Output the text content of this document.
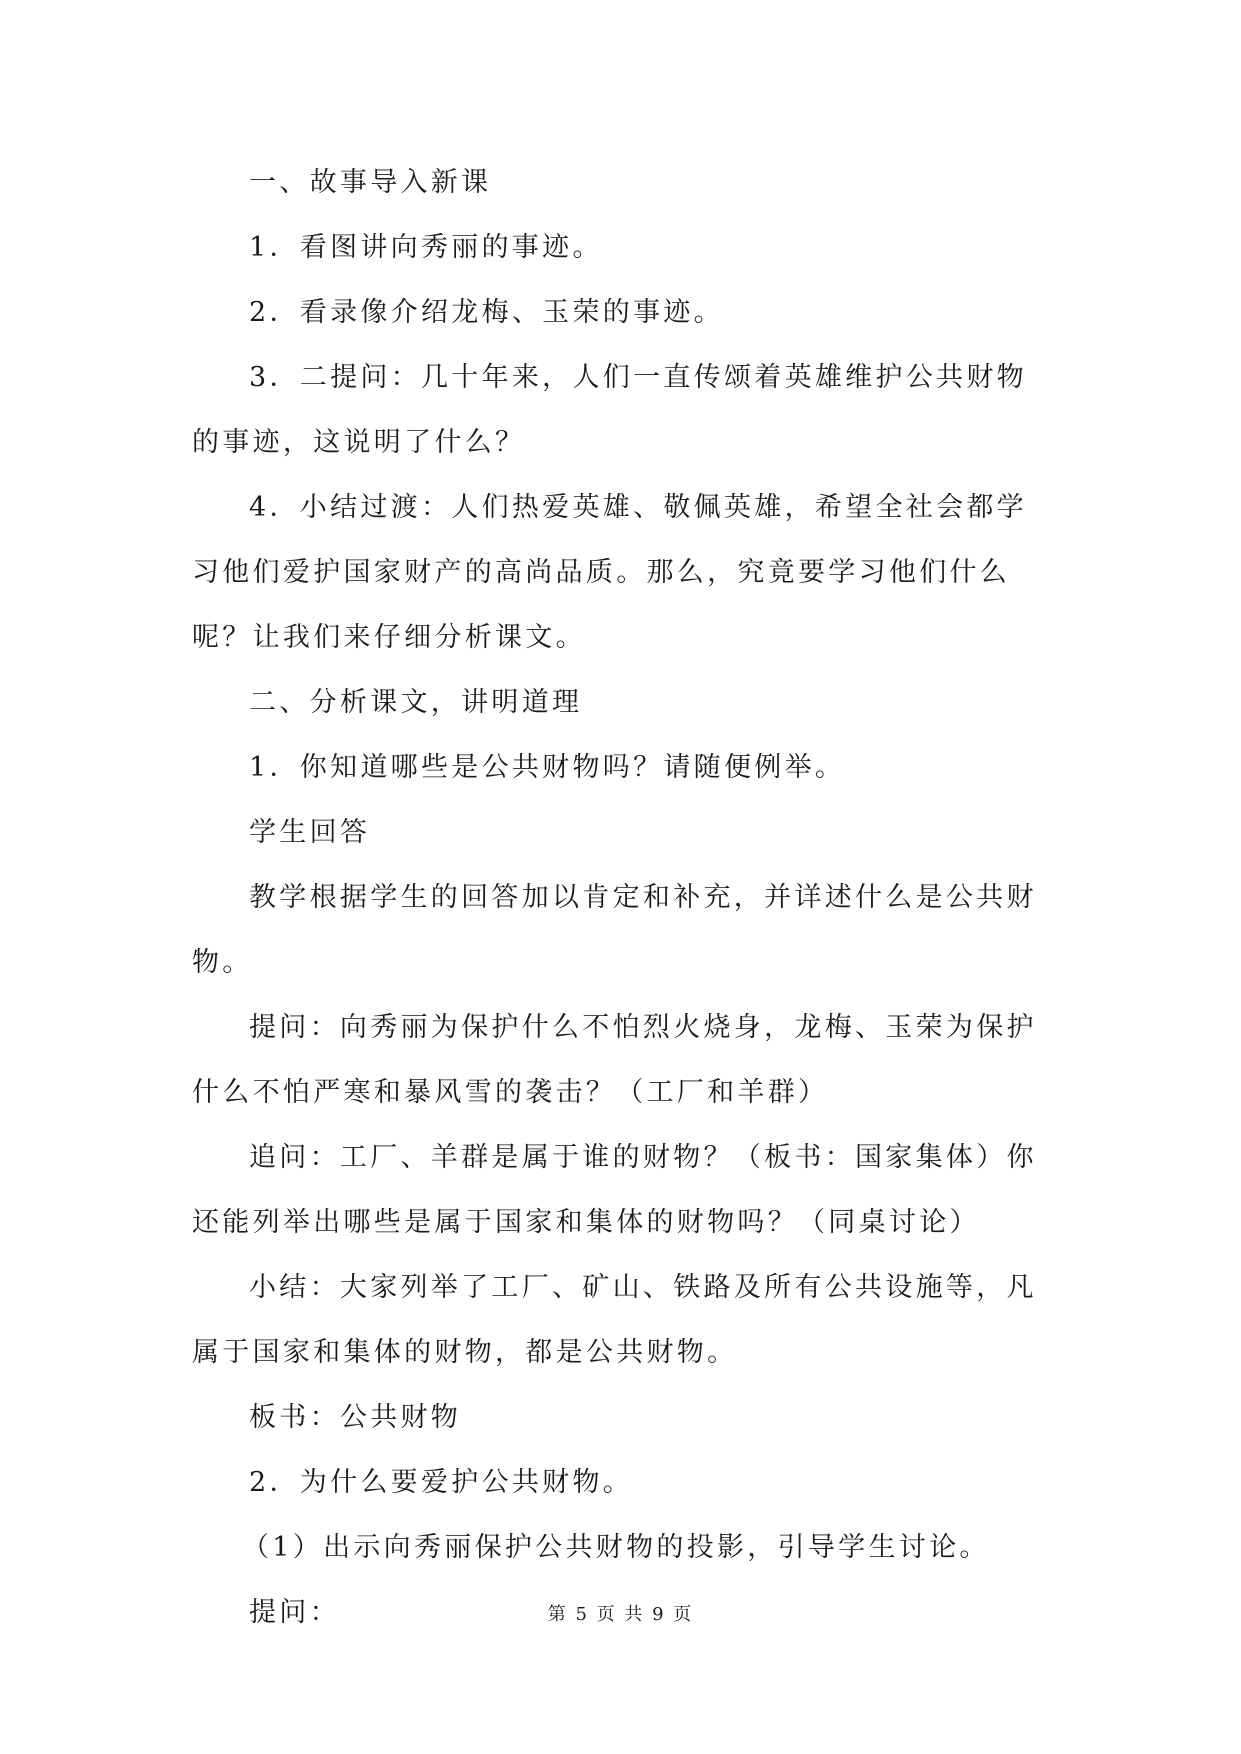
一、故事导入新课

1．看图讲向秀丽的事迹。

2．看录像介绍龙梅、玉荣的事迹。

3．二提问：几十年来，人们一直传颂着英雄维护公共财物的事迹，这说明了什么？

4．小结过渡：人们热爱英雄、敬佩英雄，希望全社会都学习他们爱护国家财产的高尚品质。那么，究竟要学习他们什么呢？让我们来仔细分析课文。

二、分析课文，讲明道理

1．你知道哪些是公共财物吗？请随便例举。

学生回答

教学根据学生的回答加以肯定和补充，并详述什么是公共财物。

提问：向秀丽为保护什么不怕烈火烧身，龙梅、玉荣为保护什么不怕严寒和暴风雪的袭击？（工厂和羊群）

追问：工厂、羊群是属于谁的财物？（板书：国家集体）你还能列举出哪些是属于国家和集体的财物吗？（同桌讨论）

小结：大家列举了工厂、矿山、铁路及所有公共设施等，凡属于国家和集体的财物，都是公共财物。

板书：公共财物

2．为什么要爱护公共财物。

（1）出示向秀丽保护公共财物的投影，引导学生讨论。

提问：	第 5 页 共 9 页
